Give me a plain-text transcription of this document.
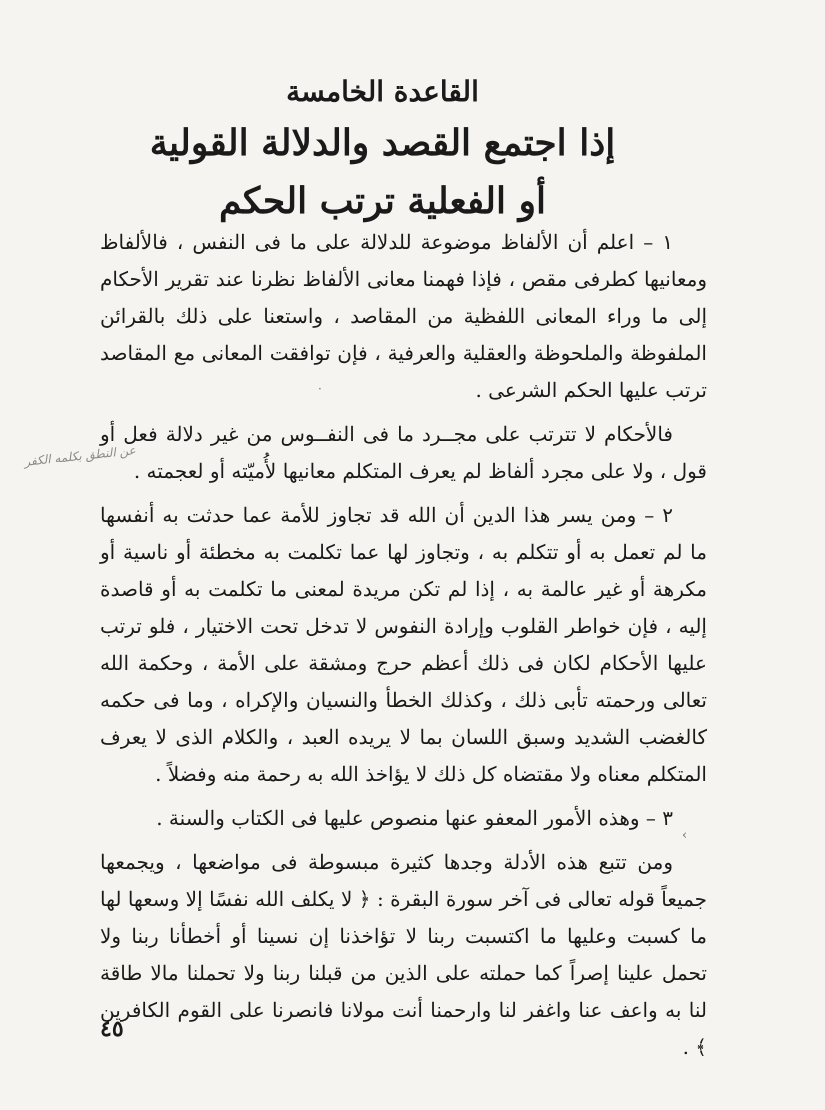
القاعدة الخامسة
إذا اجتمع القصد والدلالة القولية
أو الفعلية ترتب الحكم

١ – اعلم أن الألفاظ موضوعة للدلالة على ما فى النفس ، فالألفاظ ومعانيها كطرفى مقص ، فإذا فهمنا معانى الألفاظ نظرنا عند تقرير الأحكام إلى ما وراء المعانى اللفظية من المقاصد ، واستعنا على ذلك بالقرائن الملفوظة والملحوظة والعقلية والعرفية ، فإن توافقت المعانى مع المقاصد ترتب عليها الحكم الشرعى .

فالأحكام لا تترتب على مجــرد ما فى النفــوس من غير دلالة فعل أو قول ، ولا على مجرد ألفاظ لم يعرف المتكلم معانيها لأُميّته أو لعجمته .

٢ – ومن يسر هذا الدين أن الله قد تجاوز للأمة عما حدثت به أنفسها ما لم تعمل به أو تتكلم به ، وتجاوز لها عما تكلمت به مخطئة أو ناسية أو مكرهة أو غير عالمة به ، إذا لم تكن مريدة لمعنى ما تكلمت به أو قاصدة إليه ، فإن خواطر القلوب وإرادة النفوس لا تدخل تحت الاختيار ، فلو ترتب عليها الأحكام لكان فى ذلك أعظم حرج ومشقة على الأمة ، وحكمة الله تعالى ورحمته تأبى ذلك ، وكذلك الخطأ والنسيان والإكراه ، وما فى حكمه كالغضب الشديد وسبق اللسان بما لا يريده العبد ، والكلام الذى لا يعرف المتكلم معناه ولا مقتضاه كل ذلك لا يؤاخذ الله به رحمة منه وفضلاً .

٣ – وهذه الأمور المعفو عنها منصوص عليها فى الكتاب والسنة .

ومن تتبع هذه الأدلة وجدها كثيرة مبسوطة فى مواضعها ، ويجمعها جميعاً قوله تعالى فى آخر سورة البقرة : ﴿ لا يكلف الله نفسًا إلا وسعها لها ما كسبت وعليها ما اكتسبت ربنا لا تؤاخذنا إن نسينا أو أخطأنا ربنا ولا تحمل علينا إصراً كما حملته على الذين من قبلنا ربنا ولا تحملنا مالا طاقة لنا به واعف عنا واغفر لنا وارحمنا أنت مولانا فانصرنا على القوم الكافرين ﴾ .

عن النطق بكلمه الكفر
·
›
٤٥
